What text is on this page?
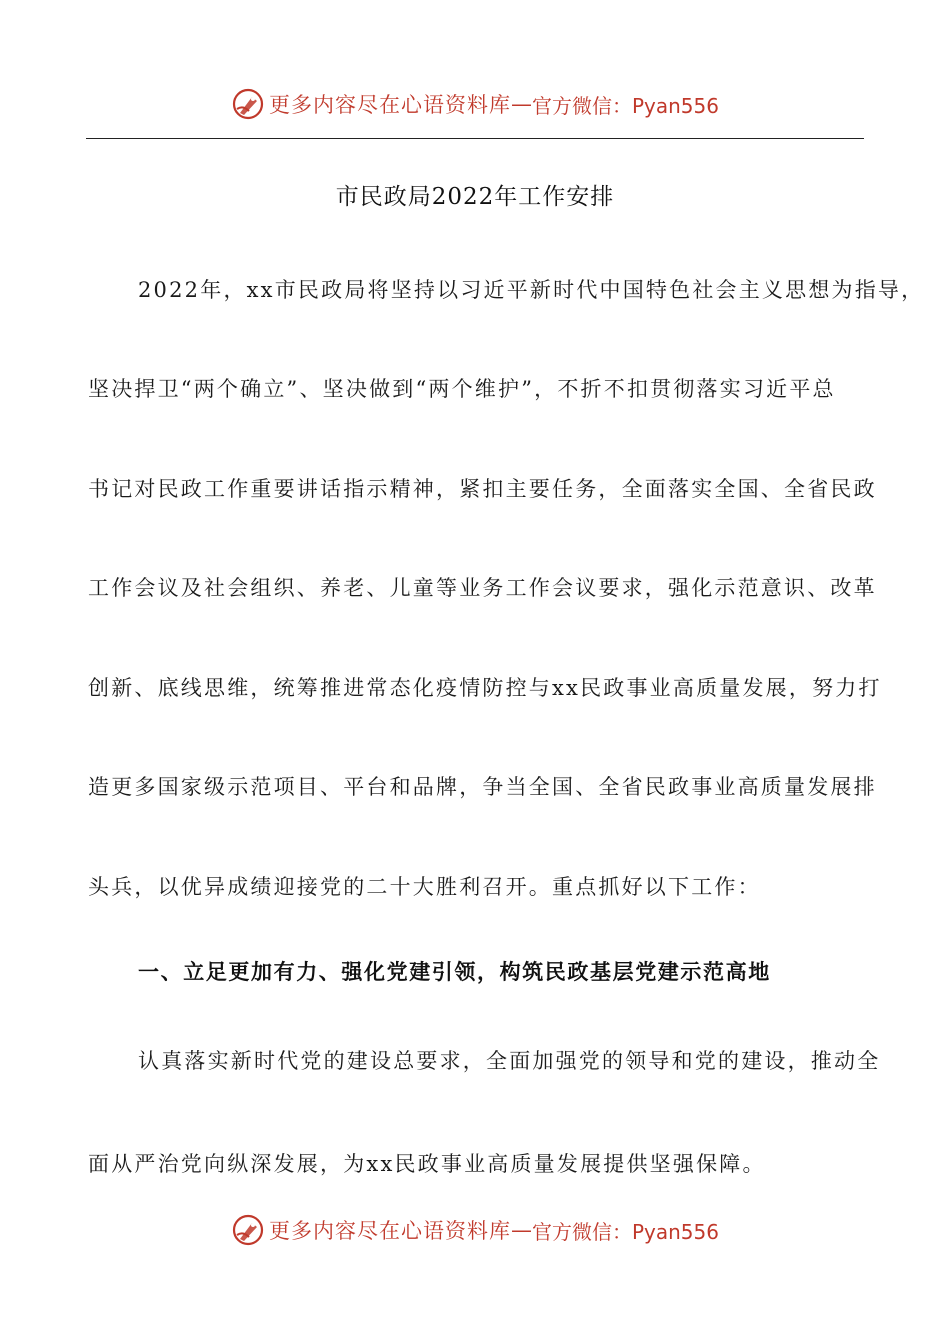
更多内容尽在心语资料库 — 官方微信：Pyan556
市民政局2022年工作安排
2022年，xx市民政局将坚持以习近平新时代中国特色社会主义思想为指导，
坚决捍卫“两个确立”、坚决做到“两个维护”，不折不扣贯彻落实习近平总
书记对民政工作重要讲话指示精神，紧扣主要任务，全面落实全国、全省民政
工作会议及社会组织、养老、儿童等业务工作会议要求，强化示范意识、改革
创新、底线思维，统筹推进常态化疫情防控与xx民政事业高质量发展，努力打
造更多国家级示范项目、平台和品牌，争当全国、全省民政事业高质量发展排
头兵，以优异成绩迎接党的二十大胜利召开。重点抓好以下工作：
一、立足更加有力、强化党建引领，构筑民政基层党建示范高地
认真落实新时代党的建设总要求，全面加强党的领导和党的建设，推动全
面从严治党向纵深发展，为xx民政事业高质量发展提供坚强保障。
更多内容尽在心语资料库 — 官方微信：Pyan556
